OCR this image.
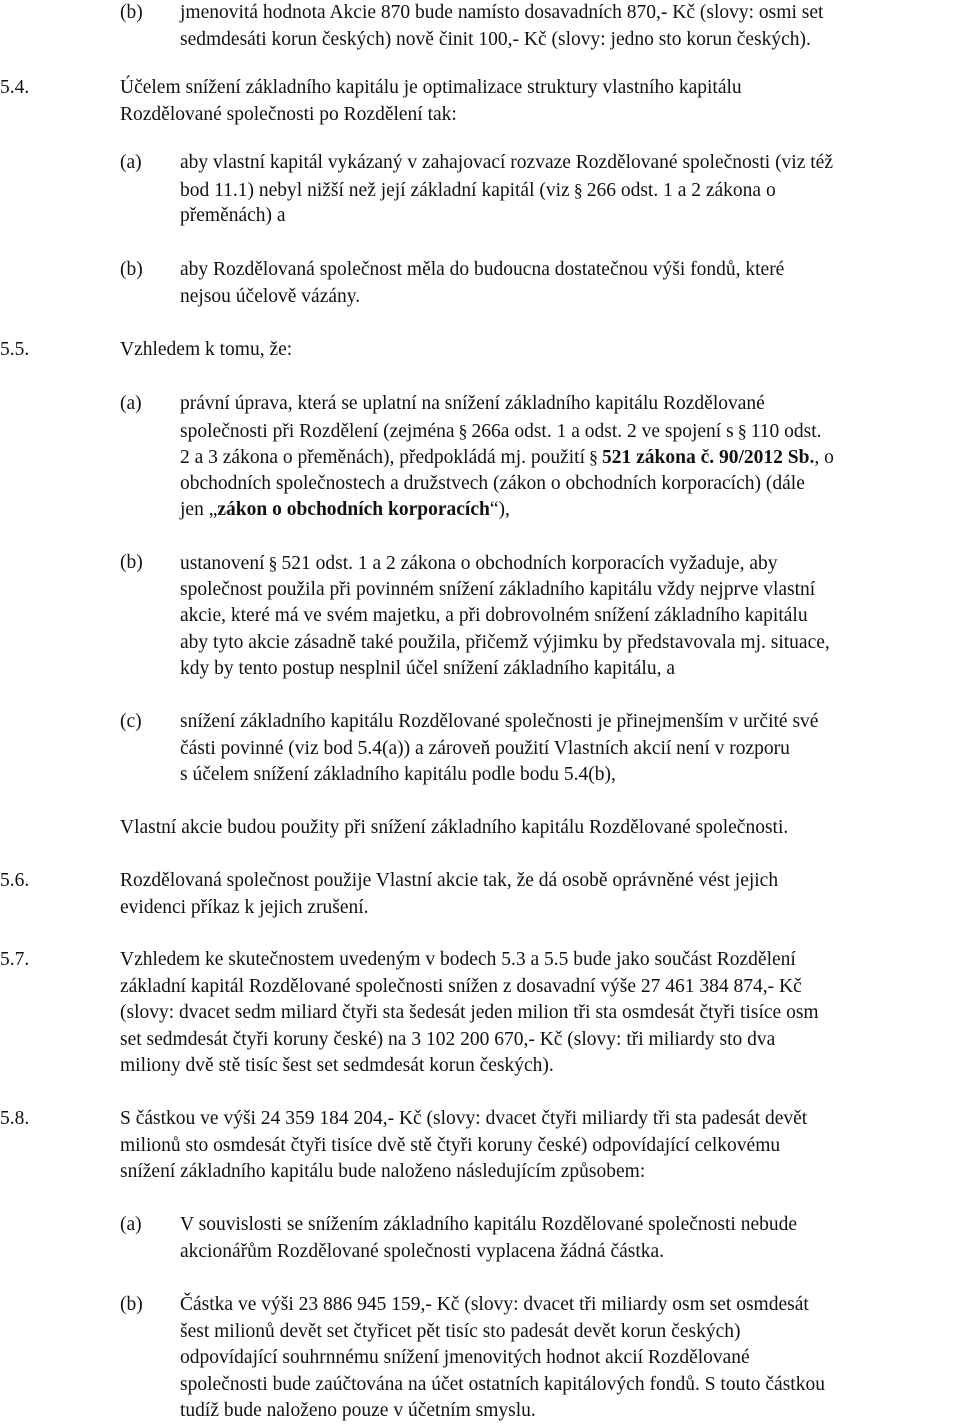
(b) jmenovitá hodnota Akcie 870 bude namísto dosavadních 870,- Kč (slovy: osmi set
sedmdesáti korun českých) nově činit 100,- Kč (slovy: jedno sto korun českých).
5.4.	Účelem snížení základního kapitálu je optimalizace struktury vlastního kapitálu
Rozdělované společnosti po Rozdělení tak:
(a) aby vlastní kapitál vykázaný v zahajovací rozvaze Rozdělované společnosti (viz též
bod 11.1) nebyl nižší než její základní kapitál (viz § 266 odst. 1 a 2 zákona o
přeměnách) a
(b) aby Rozdělovaná společnost měla do budoucna dostatečnou výši fondů, které
nejsou účelově vázány.
5.5.	Vzhledem k tomu, že:
(a) právní úprava, která se uplatní na snížení základního kapitálu Rozdělované
společnosti při Rozdělení (zejména § 266a odst. 1 a odst. 2 ve spojení s § 110 odst.
2 a 3 zákona o přeměnách), předpokládá mj. použití § 521 zákona č. 90/2012 Sb., o
obchodních společnostech a družstvech (zákon o obchodních korporacích) (dále
jen „zákon o obchodních korporacích“),
(b) ustanovení § 521 odst. 1 a 2 zákona o obchodních korporacích vyžaduje, aby
společnost použila při povinném snížení základního kapitálu vždy nejprve vlastní
akcie, které má ve svém majetku, a při dobrovolném snížení základního kapitálu
aby tyto akcie zásadně také použila, přičemž výjimku by představovala mj. situace,
kdy by tento postup nesplnil účel snížení základního kapitálu, a
(c) snížení základního kapitálu Rozdělované společnosti je přinejmenším v určité své
části povinné (viz bod 5.4(a)) a zároveň použití Vlastních akcií není v rozporu
s účelem snížení základního kapitálu podle bodu 5.4(b),
Vlastní akcie budou použity při snížení základního kapitálu Rozdělované společnosti.
5.6.	Rozdělovaná společnost použije Vlastní akcie tak, že dá osobě oprávněné vést jejich
evidenci příkaz k jejich zrušení.
5.7.	Vzhledem ke skutečnostem uvedeným v bodech 5.3 a 5.5 bude jako součást Rozdělení
základní kapitál Rozdělované společnosti snížen z dosavadní výše 27 461 384 874,- Kč
(slovy: dvacet sedm miliard čtyři sta šedesát jeden milion tři sta osmdesát čtyři tisíce osm
set sedmdesát čtyři koruny české) na 3 102 200 670,- Kč (slovy: tři miliardy sto dva
miliony dvě stě tisíc šest set sedmdesát korun českých).
5.8.	S částkou ve výši 24 359 184 204,- Kč (slovy: dvacet čtyři miliardy tři sta padesát devět
milionů sto osmdesát čtyři tisíce dvě stě čtyři koruny české) odpovídající celkovému
snížení základního kapitálu bude naloženo následujícím způsobem:
(a) V souvislosti se snížením základního kapitálu Rozdělované společnosti nebude
akcionářům Rozdělované společnosti vyplacena žádná částka.
(b) Částka ve výši 23 886 945 159,- Kč (slovy: dvacet tři miliardy osm set osmdesát
šest milionů devět set čtyřicet pět tisíc sto padesát devět korun českých)
odpovídající souhrnnému snížení jmenovitých hodnot akcií Rozdělované
společnosti bude zaúčtována na účet ostatních kapitálových fondů. S touto částkou
tudíž bude naloženo pouze v účetním smyslu.
